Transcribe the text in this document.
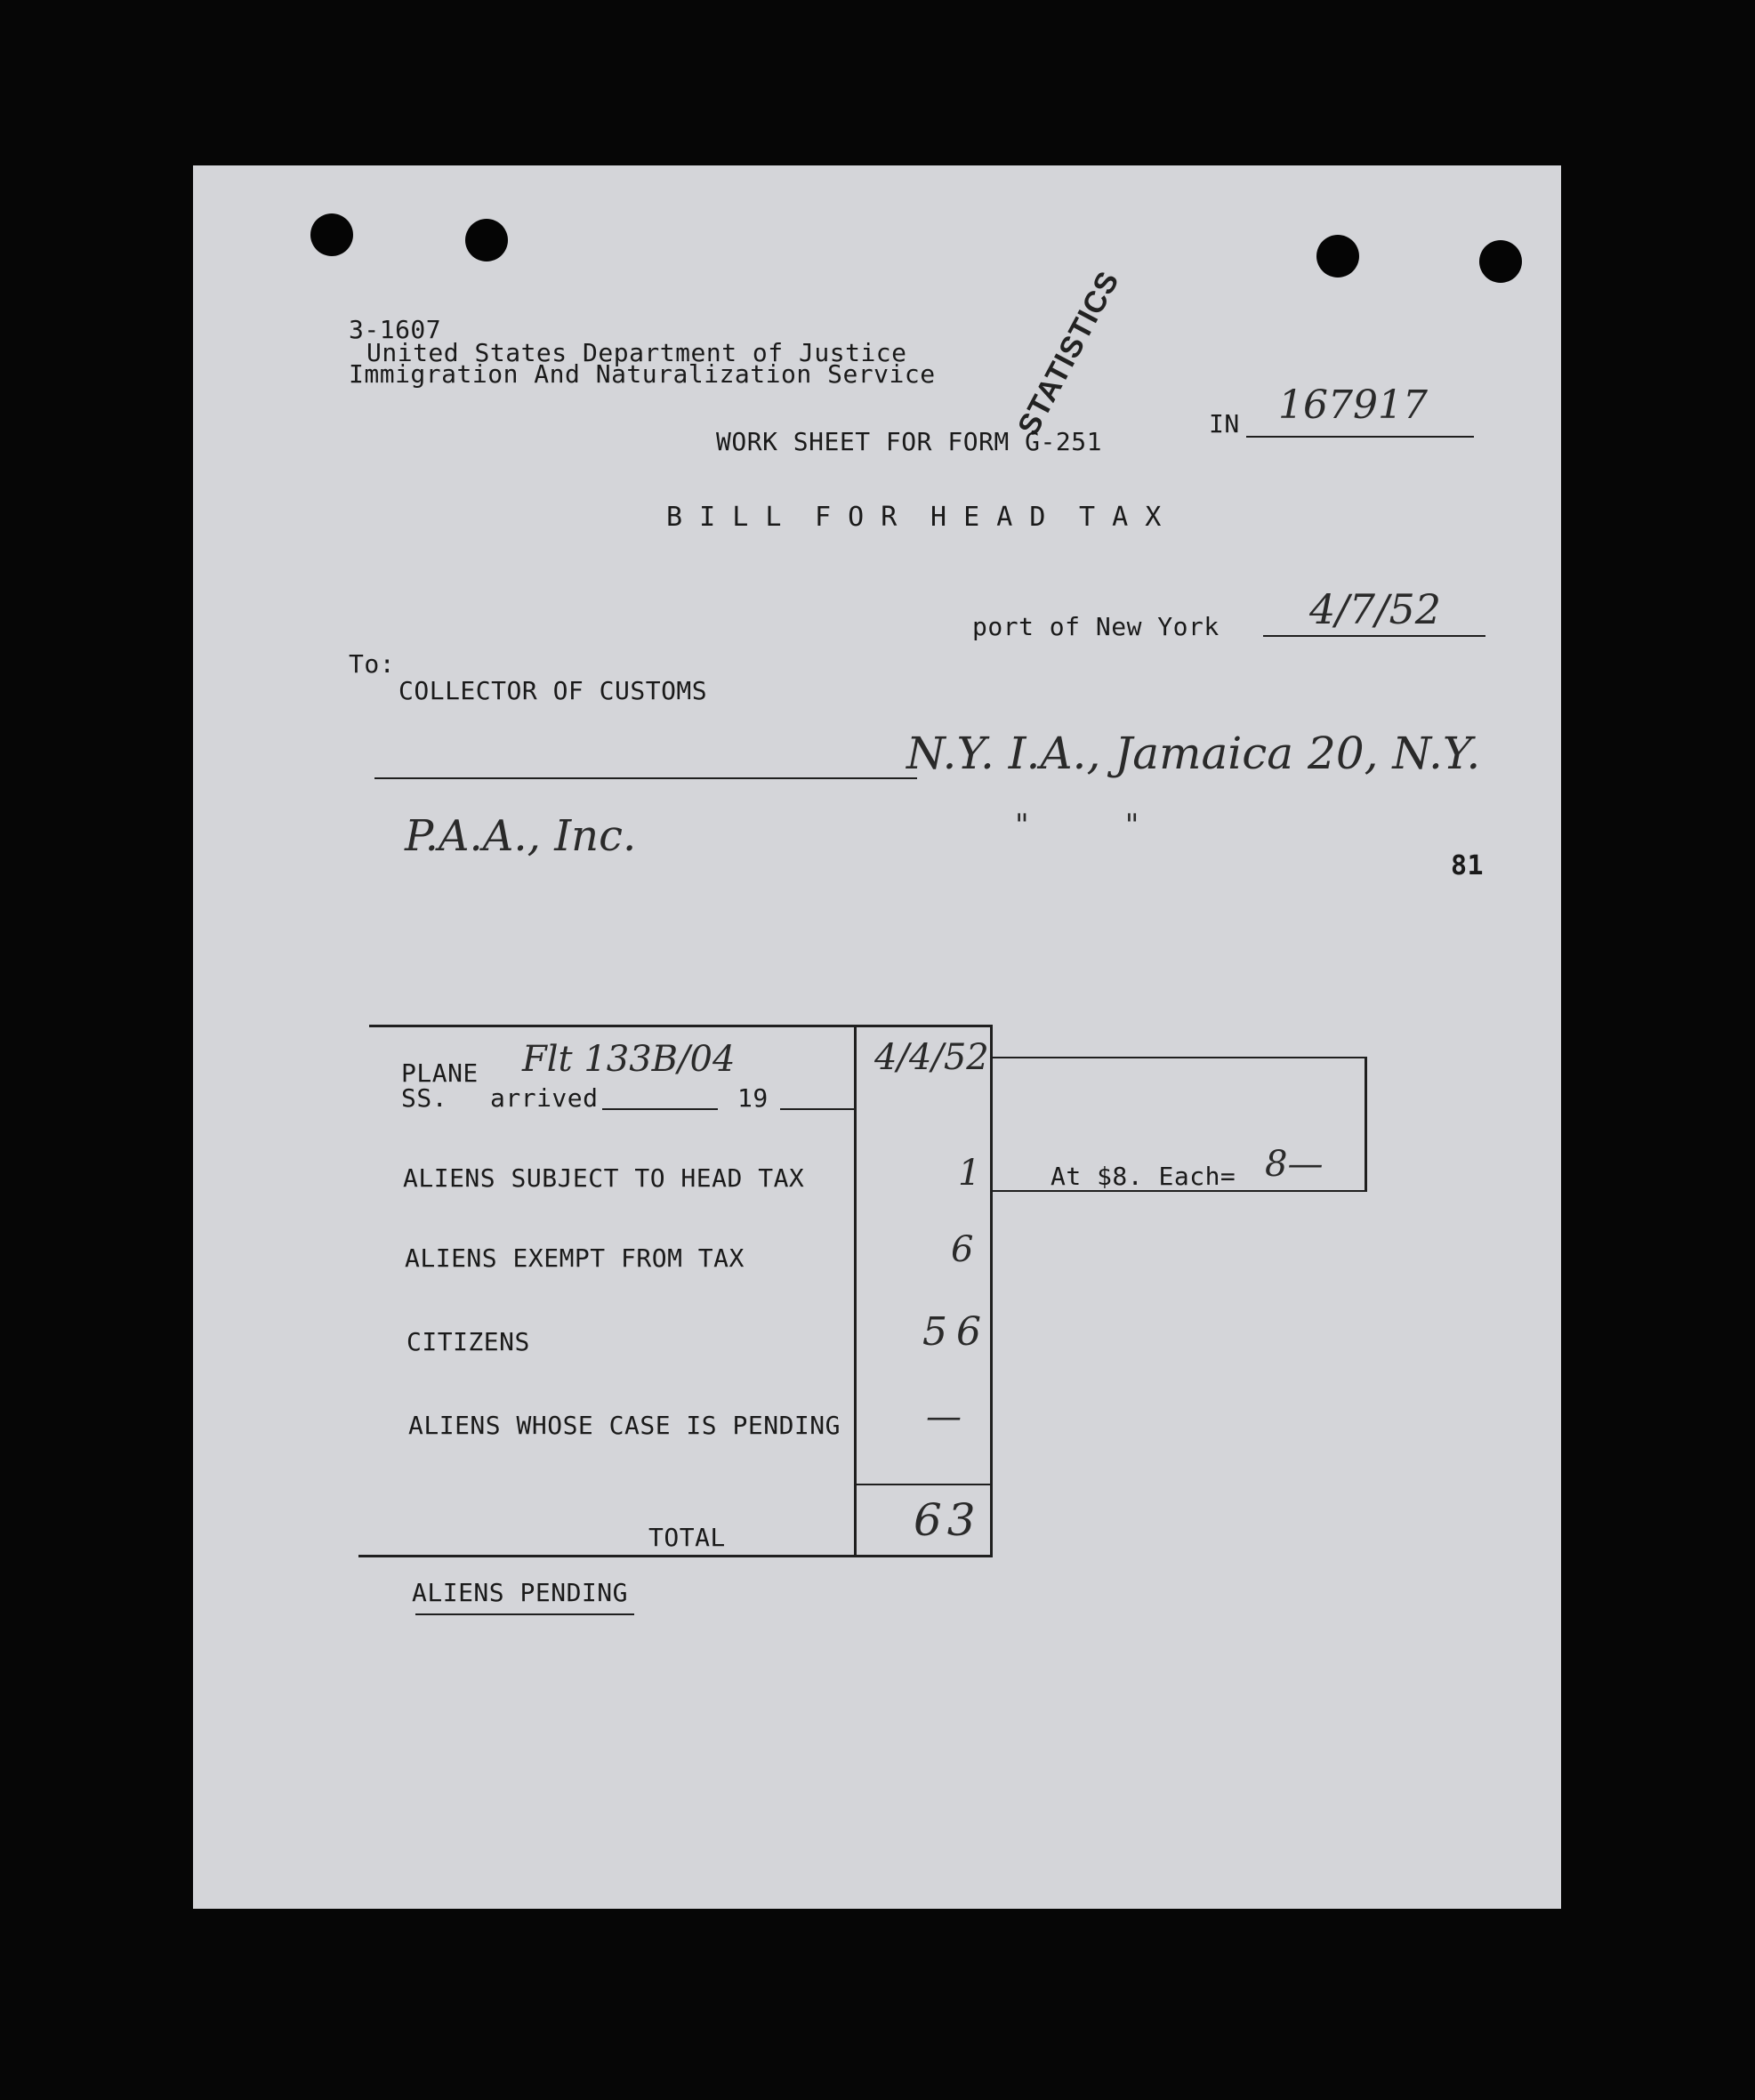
3-1607
United States Department of Justice
Immigration And Naturalization Service	STATISTICS
WORK SHEET FOR FORM G-251
IN 167917
B I L L  F O R  H E A D  T A X
port of New York 4/7/52
To:
COLLECTOR OF CUSTOMS
N.Y. I.A., Jamaica 20, N.Y.
P.A.A., Inc.	"          "
81
PLANE Flt 133B/04
SS. arrived	19
4/4/52
ALIENS SUBJECT TO HEAD TAX	1	At $8. Each= 8—
ALIENS EXEMPT FROM TAX	6
CITIZENS	56
ALIENS WHOSE CASE IS PENDING —
TOTAL	63
ALIENS PENDING
